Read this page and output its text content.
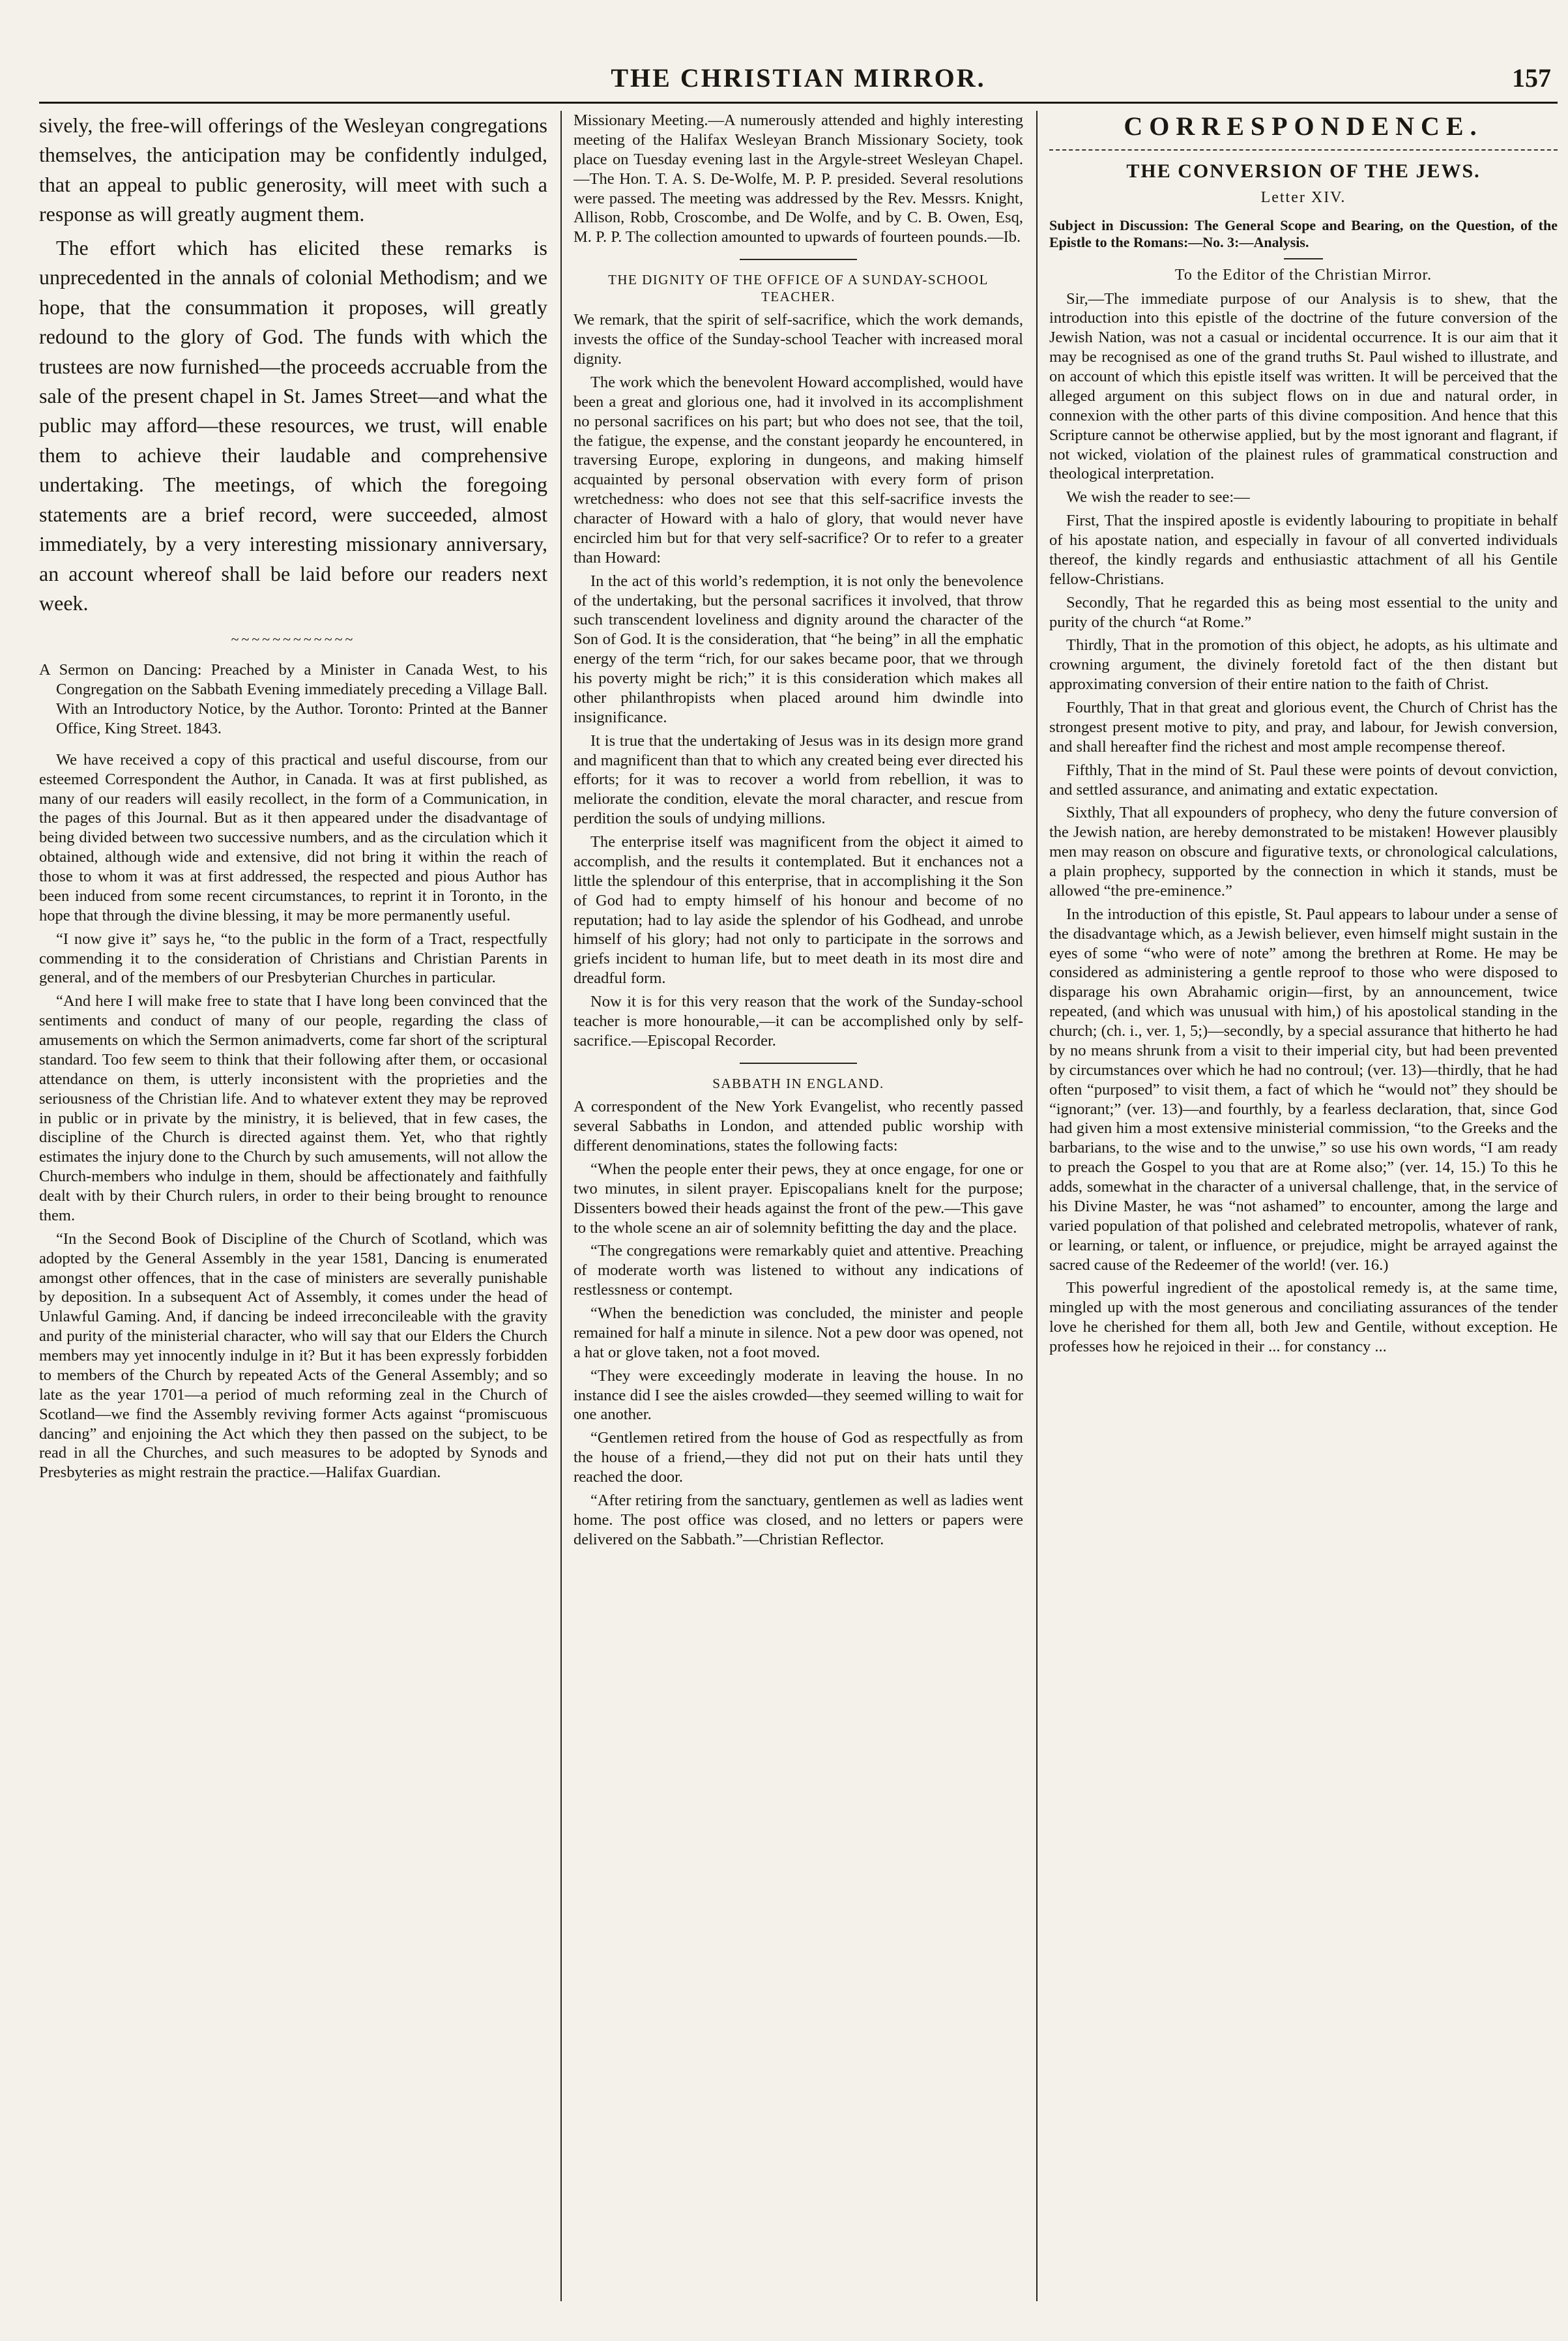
THE CHRISTIAN MIRROR.	157

sively, the free-will offerings of the Wesleyan congregations themselves, the anticipation may be confidently indulged, that an appeal to public generosity, will meet with such a response as will greatly augment them.

The effort which has elicited these remarks is unprecedented in the annals of colonial Methodism; and we hope, that the consummation it proposes, will greatly redound to the glory of God. The funds with which the trustees are now furnished—the proceeds accruable from the sale of the present chapel in St. James Street—and what the public may afford—these resources, we trust, will enable them to achieve their laudable and comprehensive undertaking. The meetings, of which the foregoing statements are a brief record, were succeeded, almost immediately, by a very interesting missionary anniversary, an account whereof shall be laid before our readers next week.

~~~~~~~~~~~~

A Sermon on Dancing: Preached by a Minister in Canada West, to his Congregation on the Sabbath Evening immediately preceding a Village Ball. With an Introductory Notice, by the Author. Toronto: Printed at the Banner Office, King Street. 1843.

We have received a copy of this practical and useful discourse, from our esteemed Correspondent the Author, in Canada. It was at first published, as many of our readers will easily recollect, in the form of a Communication, in the pages of this Journal. But as it then appeared under the disadvantage of being divided between two successive numbers, and as the circulation which it obtained, although wide and extensive, did not bring it within the reach of those to whom it was at first addressed, the respected and pious Author has been induced from some recent circumstances, to reprint it in Toronto, in the hope that through the divine blessing, it may be more permanently useful.

“I now give it” says he, “to the public in the form of a Tract, respectfully commending it to the consideration of Christians and Christian Parents in general, and of the members of our Presbyterian Churches in particular.

“And here I will make free to state that I have long been convinced that the sentiments and conduct of many of our people, regarding the class of amusements on which the Sermon animadverts, come far short of the scriptural standard. Too few seem to think that their following after them, or occasional attendance on them, is utterly inconsistent with the proprieties and the seriousness of the Christian life. And to whatever extent they may be reproved in public or in private by the ministry, it is believed, that in few cases, the discipline of the Church is directed against them. Yet, who that rightly estimates the injury done to the Church by such amusements, will not allow the Church-members who indulge in them, should be affectionately and faithfully dealt with by their Church rulers, in order to their being brought to renounce them.

“In the Second Book of Discipline of the Church of Scotland, which was adopted by the General Assembly in the year 1581, Dancing is enumerated amongst other offences, that in the case of ministers are severally punishable by deposition. In a subsequent Act of Assembly, it comes under the head of Unlawful Gaming. And, if dancing be indeed irreconcileable with the gravity and purity of the ministerial character, who will say that our Elders the Church members may yet innocently indulge in it? But it has been expressly forbidden to members of the Church by repeated Acts of the General Assembly; and so late as the year 1701—a period of much reforming zeal in the Church of Scotland—we find the Assembly reviving former Acts against “promiscuous dancing” and enjoining the Act which they then passed on the subject, to be read in all the Churches, and such measures to be adopted by Synods and Presbyteries as might restrain the practice.—Halifax Guardian.

Missionary Meeting.—A numerously attended and highly interesting meeting of the Halifax Wesleyan Branch Missionary Society, took place on Tuesday evening last in the Argyle-street Wesleyan Chapel.—The Hon. T. A. S. De-Wolfe, M. P. P. presided. Several resolutions were passed. The meeting was addressed by the Rev. Messrs. Knight, Allison, Robb, Croscombe, and De Wolfe, and by C. B. Owen, Esq, M. P. P. The collection amounted to upwards of fourteen pounds.—Ib.

THE DIGNITY OF THE OFFICE OF A SUNDAY-SCHOOL TEACHER.

We remark, that the spirit of self-sacrifice, which the work demands, invests the office of the Sunday-school Teacher with increased moral dignity.

The work which the benevolent Howard accomplished, would have been a great and glorious one, had it involved in its accomplishment no personal sacrifices on his part; but who does not see, that the toil, the fatigue, the expense, and the constant jeopardy he encountered, in traversing Europe, exploring in dungeons, and making himself acquainted by personal observation with every form of prison wretchedness: who does not see that this self-sacrifice invests the character of Howard with a halo of glory, that would never have encircled him but for that very self-sacrifice? Or to refer to a greater than Howard:

In the act of this world’s redemption, it is not only the benevolence of the undertaking, but the personal sacrifices it involved, that throw such transcendent loveliness and dignity around the character of the Son of God. It is the consideration, that “he being” in all the emphatic energy of the term “rich, for our sakes became poor, that we through his poverty might be rich;” it is this consideration which makes all other philanthropists when placed around him dwindle into insignificance.

It is true that the undertaking of Jesus was in its design more grand and magnificent than that to which any created being ever directed his efforts; for it was to recover a world from rebellion, it was to meliorate the condition, elevate the moral character, and rescue from perdition the souls of undying millions.

The enterprise itself was magnificent from the object it aimed to accomplish, and the results it contemplated. But it enchances not a little the splendour of this enterprise, that in accomplishing it the Son of God had to empty himself of his honour and become of no reputation; had to lay aside the splendor of his Godhead, and unrobe himself of his glory; had not only to participate in the sorrows and griefs incident to human life, but to meet death in its most dire and dreadful form.

Now it is for this very reason that the work of the Sunday-school teacher is more honourable,—it can be accomplished only by self-sacrifice.—Episcopal Recorder.

SABBATH IN ENGLAND.

A correspondent of the New York Evangelist, who recently passed several Sabbaths in London, and attended public worship with different denominations, states the following facts:

“When the people enter their pews, they at once engage, for one or two minutes, in silent prayer. Episcopalians knelt for the purpose; Dissenters bowed their heads against the front of the pew.—This gave to the whole scene an air of solemnity befitting the day and the place.

“The congregations were remarkably quiet and attentive. Preaching of moderate worth was listened to without any indications of restlessness or contempt.

“When the benediction was concluded, the minister and people remained for half a minute in silence. Not a pew door was opened, not a hat or glove taken, not a foot moved.

“They were exceedingly moderate in leaving the house. In no instance did I see the aisles crowded—they seemed willing to wait for one another.

“Gentlemen retired from the house of God as respectfully as from the house of a friend,—they did not put on their hats until they reached the door.

“After retiring from the sanctuary, gentlemen as well as ladies went home. The post office was closed, and no letters or papers were delivered on the Sabbath.”—Christian Reflector.

CORRESPONDENCE.
THE CONVERSION OF THE JEWS.
Letter XIV.

Subject in Discussion: The General Scope and Bearing, on the Question, of the Epistle to the Romans:—No. 3:—Analysis.

To the Editor of the Christian Mirror.

Sir,—The immediate purpose of our Analysis is to shew, that the introduction into this epistle of the doctrine of the future conversion of the Jewish Nation, was not a casual or incidental occurrence. It is our aim that it may be recognised as one of the grand truths St. Paul wished to illustrate, and on account of which this epistle itself was written. It will be perceived that the alleged argument on this subject flows on in due and natural order, in connexion with the other parts of this divine composition. And hence that this Scripture cannot be otherwise applied, but by the most ignorant and flagrant, if not wicked, violation of the plainest rules of grammatical construction and theological interpretation.

We wish the reader to see:—

First, That the inspired apostle is evidently labouring to propitiate in behalf of his apostate nation, and especially in favour of all converted individuals thereof, the kindly regards and enthusiastic attachment of all his Gentile fellow-Christians.

Secondly, That he regarded this as being most essential to the unity and purity of the church “at Rome.”

Thirdly, That in the promotion of this object, he adopts, as his ultimate and crowning argument, the divinely foretold fact of the then distant but approximating conversion of their entire nation to the faith of Christ.

Fourthly, That in that great and glorious event, the Church of Christ has the strongest present motive to pity, and pray, and labour, for Jewish conversion, and shall hereafter find the richest and most ample recompense thereof.

Fifthly, That in the mind of St. Paul these were points of devout conviction, and settled assurance, and animating and extatic expectation.

Sixthly, That all expounders of prophecy, who deny the future conversion of the Jewish nation, are hereby demonstrated to be mistaken! However plausibly men may reason on obscure and figurative texts, or chronological calculations, a plain prophecy, supported by the connection in which it stands, must be allowed “the pre-eminence.”

In the introduction of this epistle, St. Paul appears to labour under a sense of the disadvantage which, as a Jewish believer, even himself might sustain in the eyes of some “who were of note” among the brethren at Rome. He may be considered as administering a gentle reproof to those who were disposed to disparage his own Abrahamic origin—first, by an announcement, twice repeated, (and which was unusual with him,) of his apostolical standing in the church; (ch. i., ver. 1, 5;)—secondly, by a special assurance that hitherto he had by no means shrunk from a visit to their imperial city, but had been prevented by circumstances over which he had no controul; (ver. 13)—thirdly, that he had often “purposed” to visit them, a fact of which he “would not” they should be “ignorant;” (ver. 13)—and fourthly, by a fearless declaration, that, since God had given him a most extensive ministerial commission, “to the Greeks and the barbarians, to the wise and to the unwise,” so use his own words, “I am ready to preach the Gospel to you that are at Rome also;” (ver. 14, 15.) To this he adds, somewhat in the character of a universal challenge, that, in the service of his Divine Master, he was “not ashamed” to encounter, among the large and varied population of that polished and celebrated metropolis, whatever of rank, or learning, or talent, or influence, or prejudice, might be arrayed against the sacred cause of the Redeemer of the world! (ver. 16.)

This powerful ingredient of the apostolical remedy is, at the same time, mingled up with the most generous and conciliating assurances of the tender love he cherished for them all, both Jew and Gentile, without exception. He professes how he rejoiced in their ... for constancy ...
